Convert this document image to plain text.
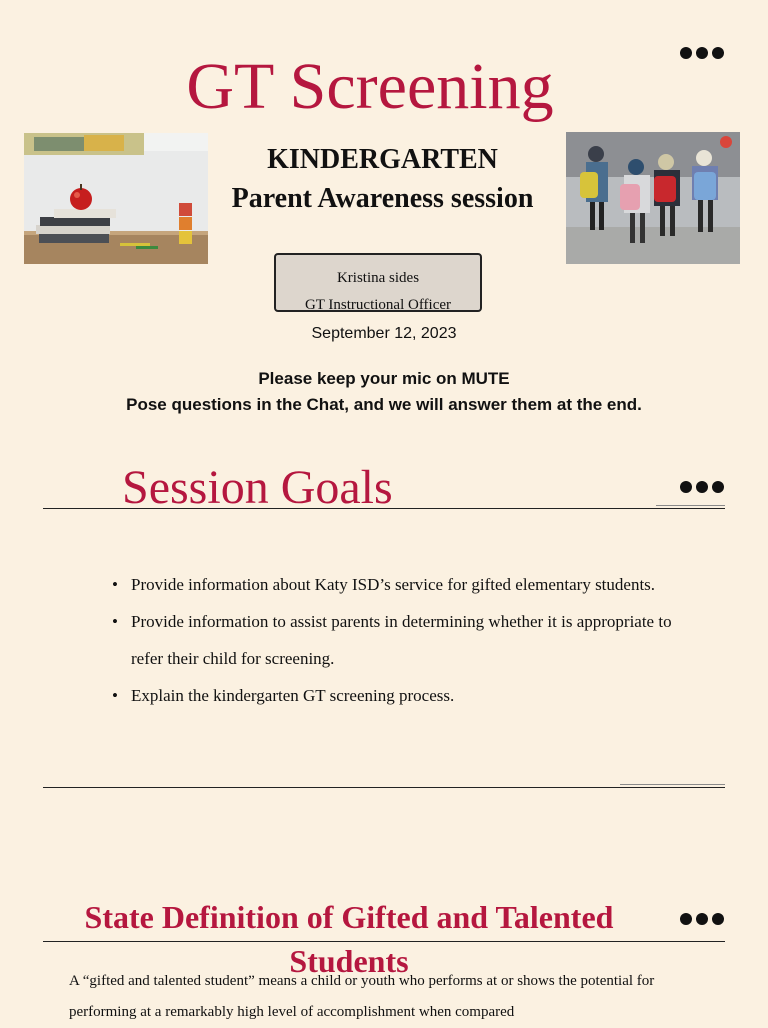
GT Screening
KINDERGARTEN
Parent Awareness session
Kristina sides
GT Instructional Officer
September 12, 2023
Please keep your mic on MUTE
Pose questions in the Chat, and we will answer them at the end.
Session Goals
• Provide information about Katy ISD’s service for gifted elementary students.
• Provide information to assist parents in determining whether it is appropriate to refer their child for screening.
• Explain the kindergarten GT screening process.
State Definition of Gifted and Talented Students
A “gifted and talented student” means a child or youth who performs at or shows the potential for performing at a remarkably high level of accomplishment when compared
